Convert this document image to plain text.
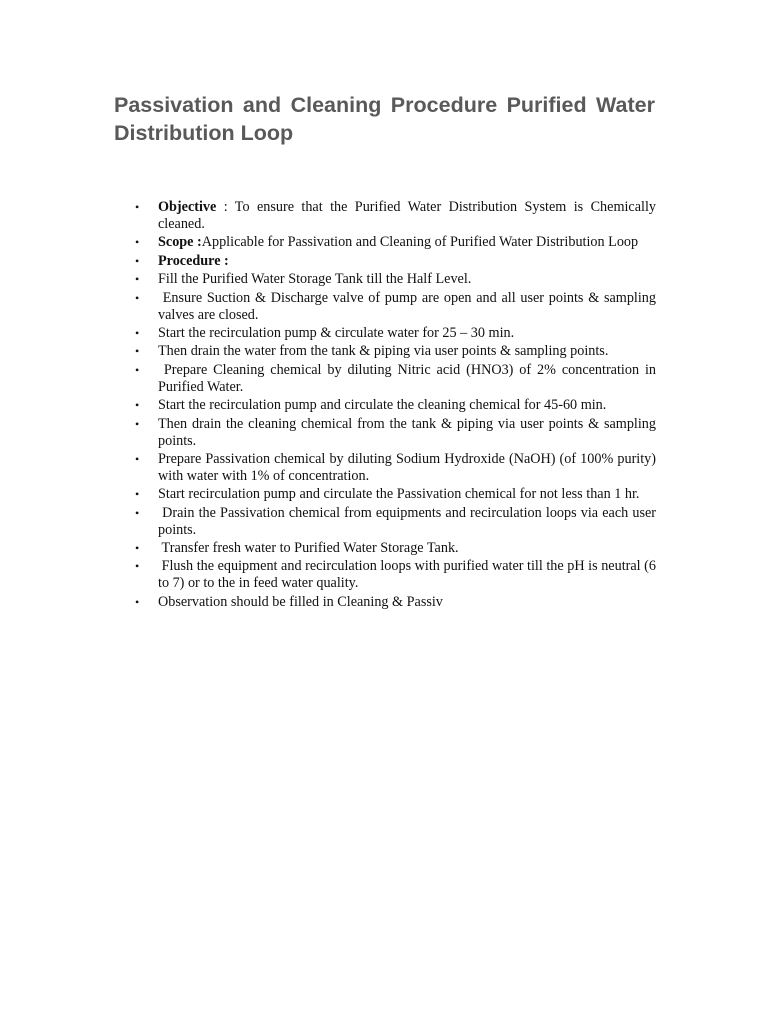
Passivation and Cleaning Procedure Purified Water Distribution Loop
• Objective : To ensure that the Purified Water Distribution System is Chemically cleaned.
• Scope :Applicable for Passivation and Cleaning of Purified Water Distribution Loop
• Procedure :
• Fill the Purified Water Storage Tank till the Half Level.
• Ensure Suction & Discharge valve of pump are open and all user points & sampling valves are closed.
• Start the recirculation pump & circulate water for 25 – 30 min.
• Then drain the water from the tank & piping via user points & sampling points.
• Prepare Cleaning chemical by diluting Nitric acid (HNO3) of 2% concentration in Purified Water.
• Start the recirculation pump and circulate the cleaning chemical for 45-60 min.
• Then drain the cleaning chemical from the tank & piping via user points & sampling points.
• Prepare Passivation chemical by diluting Sodium Hydroxide (NaOH) (of 100% purity) with water with 1% of concentration.
• Start recirculation pump and circulate the Passivation chemical for not less than 1 hr.
• Drain the Passivation chemical from equipments and recirculation loops via each user points.
• Transfer fresh water to Purified Water Storage Tank.
• Flush the equipment and recirculation loops with purified water till the pH is neutral (6 to 7) or to the in feed water quality.
• Observation should be filled in Cleaning & Passiv
